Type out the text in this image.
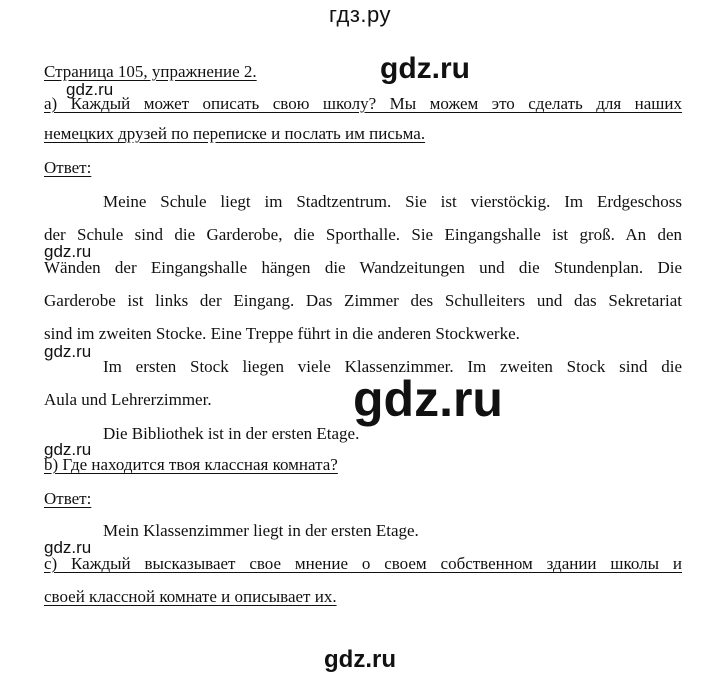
гдз.ру
Страница 105, упражнение 2.	gdz.ru
gdz.ru
а) Каждый может описать свою школу? Мы можем это сделать для наших
немецких друзей по переписке и послать им письма.
Ответ:
Meine Schule liegt im Stadtzentrum. Sie ist vierstöckig. Im Erdgeschoss
der Schule sind die Garderobe, die Sporthalle. Sie Eingangshalle ist groß. An den
gdz.ru
Wänden der Eingangshalle hängen die Wandzeitungen und die Stundenplan. Die
Garderobe ist links der Eingang. Das Zimmer des Schulleiters und das Sekretariat
sind im zweiten Stocke. Eine Treppe führt in die anderen Stockwerke.
gdz.ru
Im ersten Stock liegen viele Klassenzimmer. Im zweiten Stock sind die
Aula und Lehrerzimmer.	gdz.ru
Die Bibliothek ist in der ersten Etage.
gdz.ru
b) Где находится твоя классная комната?
Ответ:
Mein Klassenzimmer liegt in der ersten Etage.
gdz.ru
с) Каждый высказывает свое мнение о своем собственном здании школы и
своей классной комнате и описывает их.
gdz.ru
